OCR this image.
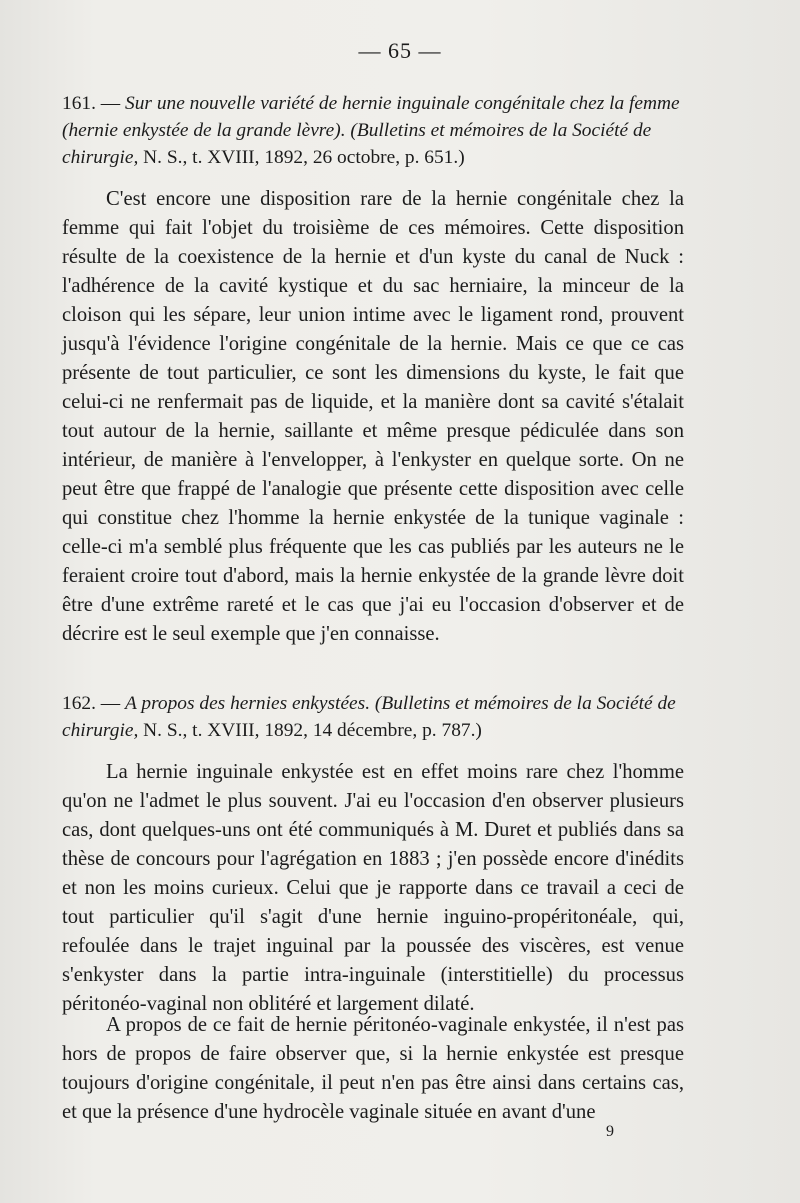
— 65 —
161. — Sur une nouvelle variété de hernie inguinale congénitale chez la femme (hernie enkystée de la grande lèvre). (Bulletins et mémoires de la Société de chirurgie, N. S., t. XVIII, 1892, 26 octobre, p. 651.)

C'est encore une disposition rare de la hernie congénitale chez la femme qui fait l'objet du troisième de ces mémoires. Cette disposition résulte de la coexistence de la hernie et d'un kyste du canal de Nuck : l'adhérence de la cavité kystique et du sac herniaire, la minceur de la cloison qui les sépare, leur union intime avec le ligament rond, prouvent jusqu'à l'évidence l'origine congénitale de la hernie. Mais ce que ce cas présente de tout particulier, ce sont les dimensions du kyste, le fait que celui-ci ne renfermait pas de liquide, et la manière dont sa cavité s'étalait tout autour de la hernie, saillante et même presque pédiculée dans son intérieur, de manière à l'envelopper, à l'enkyster en quelque sorte. On ne peut être que frappé de l'analogie que présente cette disposition avec celle qui constitue chez l'homme la hernie enkystée de la tunique vaginale : celle-ci m'a semblé plus fréquente que les cas publiés par les auteurs ne le feraient croire tout d'abord, mais la hernie enkystée de la grande lèvre doit être d'une extrême rareté et le cas que j'ai eu l'occasion d'observer et de décrire est le seul exemple que j'en connaisse.

162. — A propos des hernies enkystées. (Bulletins et mémoires de la Société de chirurgie, N. S., t. XVIII, 1892, 14 décembre, p. 787.)

La hernie inguinale enkystée est en effet moins rare chez l'homme qu'on ne l'admet le plus souvent. J'ai eu l'occasion d'en observer plusieurs cas, dont quelques-uns ont été communiqués à M. Duret et publiés dans sa thèse de concours pour l'agrégation en 1883 ; j'en possède encore d'inédits et non les moins curieux. Celui que je rapporte dans ce travail a ceci de tout particulier qu'il s'agit d'une hernie inguino-propéritonéale, qui, refoulée dans le trajet inguinal par la poussée des viscères, est venue s'enkyster dans la partie intra-inguinale (interstitielle) du processus péritonéo-vaginal non oblitéré et largement dilaté.

A propos de ce fait de hernie péritonéo-vaginale enkystée, il n'est pas hors de propos de faire observer que, si la hernie enkystée est presque toujours d'origine congénitale, il peut n'en pas être ainsi dans certains cas, et que la présence d'une hydrocèle vaginale située en avant d'une

9
